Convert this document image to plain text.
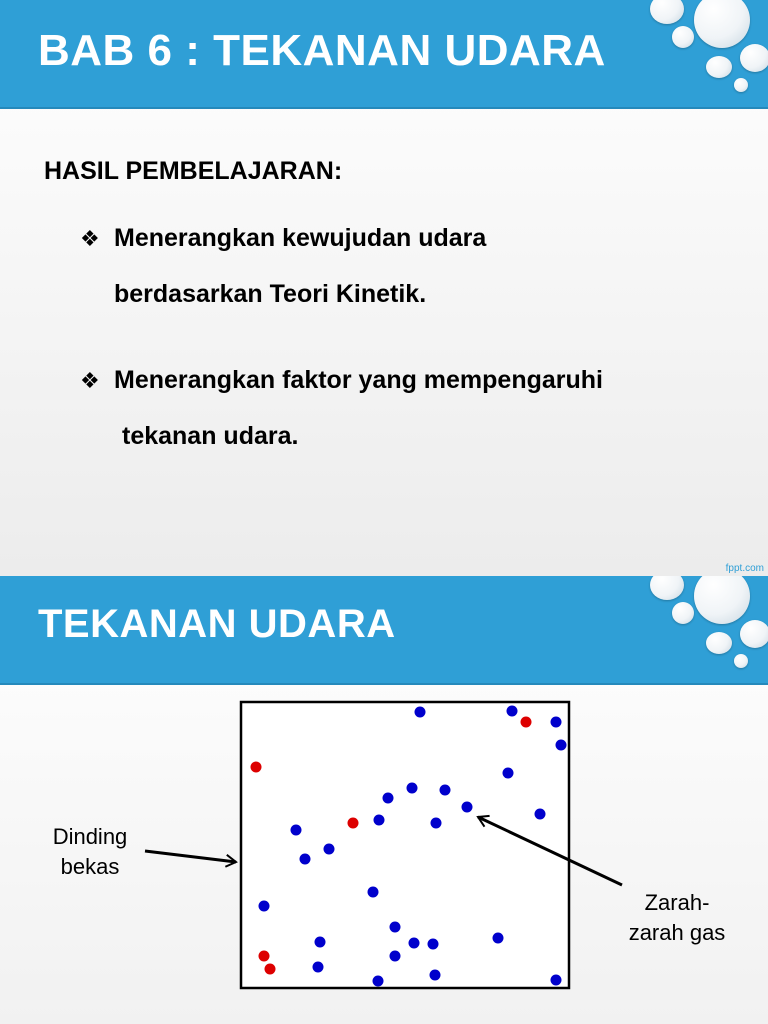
BAB 6 : TEKANAN UDARA
HASIL PEMBELAJARAN:
❖ Menerangkan kewujudan udara
berdasarkan Teori Kinetik.
❖ Menerangkan faktor yang mempengaruhi
tekanan udara.
fppt.com
TEKANAN UDARA
Dinding
bekas
Zarah-
zarah gas
